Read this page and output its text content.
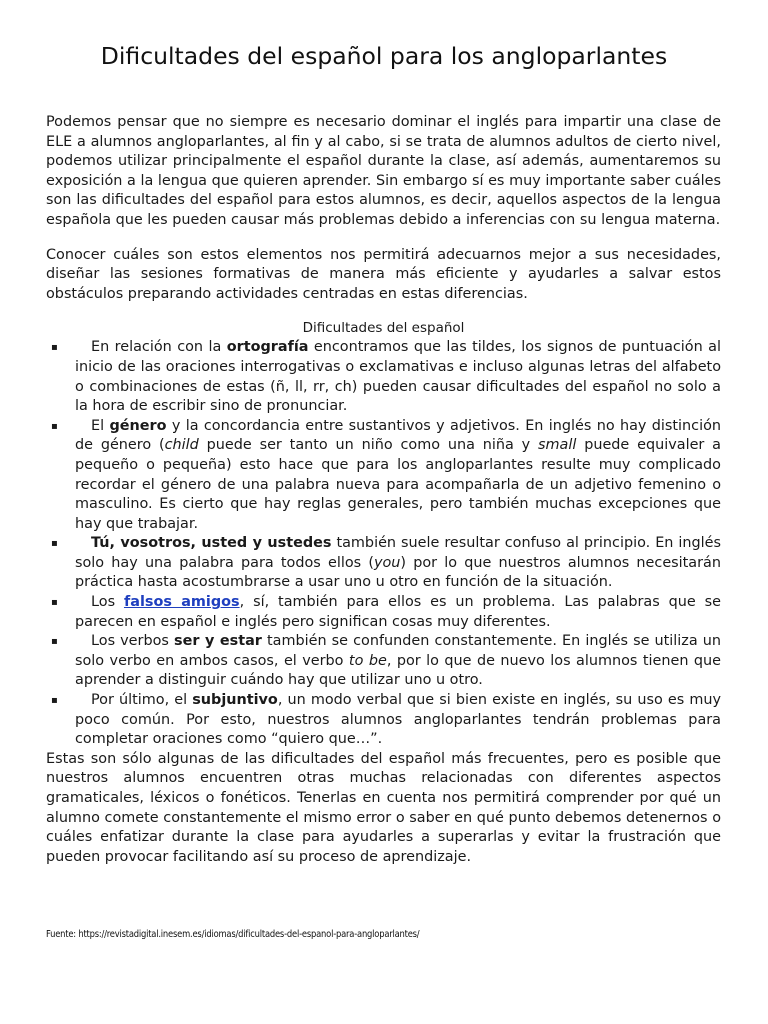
Dificultades del español para los angloparlantes

Podemos pensar que no siempre es necesario dominar el inglés para impartir una clase de ELE a alumnos angloparlantes, al fin y al cabo, si se trata de alumnos adultos de cierto nivel, podemos utilizar principalmente el español durante la clase, así además, aumentaremos su exposición a la lengua que quieren aprender. Sin embargo sí es muy importante saber cuáles son las dificultades del español para estos alumnos, es decir, aquellos aspectos de la lengua española que les pueden causar más problemas debido a inferencias con su lengua materna.

Conocer cuáles son estos elementos nos permitirá adecuarnos mejor a sus necesidades, diseñar las sesiones formativas de manera más eficiente y ayudarles a salvar estos obstáculos preparando actividades centradas en estas diferencias.

Dificultades del español
▪ En relación con la ortografía encontramos que las tildes, los signos de puntuación al inicio de las oraciones interrogativas o exclamativas e incluso algunas letras del alfabeto o combinaciones de estas (ñ, ll, rr, ch) pueden causar dificultades del español no solo a la hora de escribir sino de pronunciar.
▪ El género y la concordancia entre sustantivos y adjetivos. En inglés no hay distinción de género (child puede ser tanto un niño como una niña y small puede equivaler a pequeño o pequeña) esto hace que para los angloparlantes resulte muy complicado recordar el género de una palabra nueva para acompañarla de un adjetivo femenino o masculino. Es cierto que hay reglas generales, pero también muchas excepciones que hay que trabajar.
▪ Tú, vosotros, usted y ustedes también suele resultar confuso al principio. En inglés solo hay una palabra para todos ellos (you) por lo que nuestros alumnos necesitarán práctica hasta acostumbrarse a usar uno u otro en función de la situación.
▪ Los falsos amigos, sí, también para ellos es un problema. Las palabras que se parecen en español e inglés pero significan cosas muy diferentes.
▪ Los verbos ser y estar también se confunden constantemente. En inglés se utiliza un solo verbo en ambos casos, el verbo to be, por lo que de nuevo los alumnos tienen que aprender a distinguir cuándo hay que utilizar uno u otro.
▪ Por último, el subjuntivo, un modo verbal que si bien existe en inglés, su uso es muy poco común. Por esto, nuestros alumnos angloparlantes tendrán problemas para completar oraciones como “quiero que…”.

Estas son sólo algunas de las dificultades del español más frecuentes, pero es posible que nuestros alumnos encuentren otras muchas relacionadas con diferentes aspectos gramaticales, léxicos o fonéticos. Tenerlas en cuenta nos permitirá comprender por qué un alumno comete constantemente el mismo error o saber en qué punto debemos detenernos o cuáles enfatizar durante la clase para ayudarles a superarlas y evitar la frustración que pueden provocar facilitando así su proceso de aprendizaje.

Fuente: https://revistadigital.inesem.es/idiomas/dificultades-del-espanol-para-angloparlantes/
